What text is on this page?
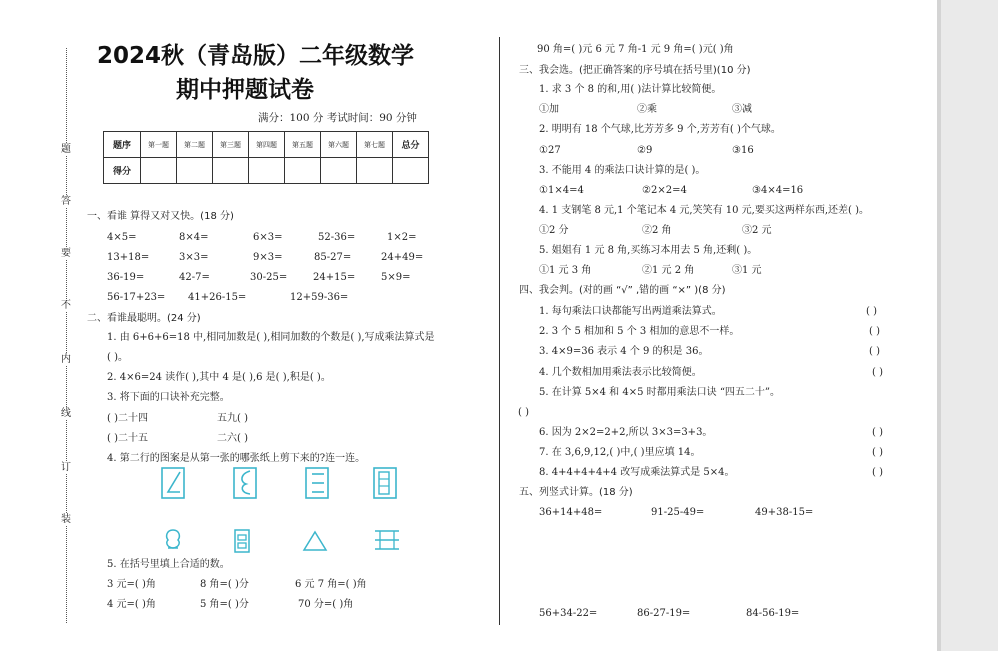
题
答
要
不
内
线
订
装
2024秋（青岛版）二年级数学
期中押题试卷
满分：100 分 考试时间：90 分钟
题序	第一题	第二题	第三题	第四题	第五题	第六题	第七题	总分
得分								
一、看谁 算得又对又快。(18 分)
4×5=	8×4=	6×3=	52-36=	1×2=
13+18=	3×3=	9×3=	85-27=	24+49=
36-19=	42-7=	30-25=	24+15=	5×9=
56-17+23= 41+26-15=	12+59-36=
二、看谁最聪明。(24 分)
1. 由 6+6+6=18 中,相同加数是( ),相同加数的个数是( ),写成乘法算式是
( )。
2. 4×6=24 读作( ),其中 4 是( ),6 是( ),积是( )。
3. 将下面的口诀补充完整。
( )二十四	五九( )
( )二十五	二六( )
4. 第二行的图案是从第一张的哪张纸上剪下来的?连一连。
5. 在括号里填上合适的数。
3 元=( )角	8 角=( )分	6 元 7 角=( )角
4 元=( )角	5 角=( )分	70 分=( )角
90 角=( )元 6 元 7 角-1 元 9 角=( )元( )角
三、我会选。(把正确答案的序号填在括号里)(10 分)
1. 求 3 个 8 的和,用( )法计算比较简便。
①加	②乘	③减
2. 明明有 18 个气球,比芳芳多 9 个,芳芳有( )个气球。
①27	②9	③16
3. 不能用 4 的乘法口诀计算的是( )。
①1×4=4	②2×2=4	③4×4=16
4. 1 支钢笔 8 元,1 个笔记本 4 元,笑笑有 10 元,要买这两样东西,还差( )。
①2 分	②2 角	③2 元
5. 姐姐有 1 元 8 角,买练习本用去 5 角,还剩( )。
①1 元 3 角	②1 元 2 角	③1 元
四、我会判。(对的画 “√” ,错的画 “×” )(8 分)
1. 每句乘法口诀都能写出两道乘法算式。	( )
2. 3 个 5 相加和 5 个 3 相加的意思不一样。	( )
3. 4×9=36 表示 4 个 9 的积是 36。	( )
4. 几个数相加用乘法表示比较简便。	( )
5. 在计算 5×4 和 4×5 时都用乘法口诀 “四五二十”。
( )
6. 因为 2×2=2+2,所以 3×3=3+3。	( )
7. 在 3,6,9,12,( )中,( )里应填 14。	( )
8. 4+4+4+4+4 改写成乘法算式是 5×4。	( )
五、列竖式计算。(18 分)
36+14+48=	91-25-49=	49+38-15=
56+34-22=	86-27-19=	84-56-19=
